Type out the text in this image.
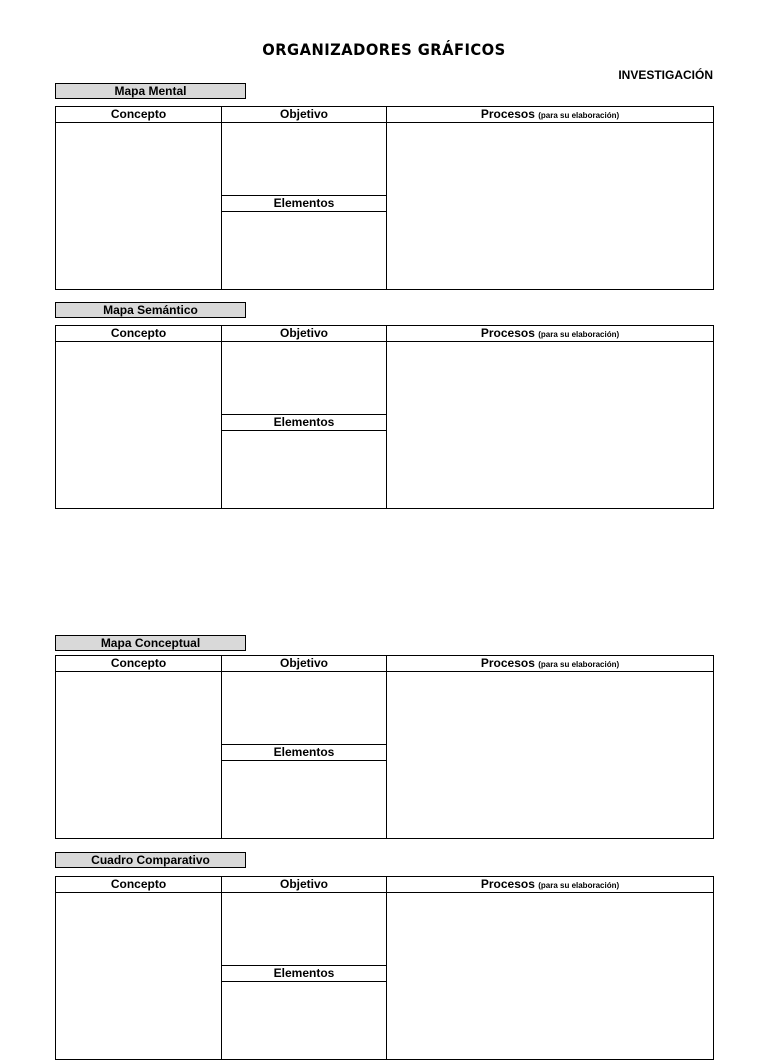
ORGANIZADORES GRÁFICOS
INVESTIGACIÓN
Mapa Mental
Concepto	Objetivo	Procesos (para su elaboración)
Elementos
Mapa Semántico
Concepto	Objetivo	Procesos (para su elaboración)
Elementos
Mapa Conceptual
Concepto	Objetivo	Procesos (para su elaboración)
Elementos
Cuadro Comparativo
Concepto	Objetivo	Procesos (para su elaboración)
Elementos
